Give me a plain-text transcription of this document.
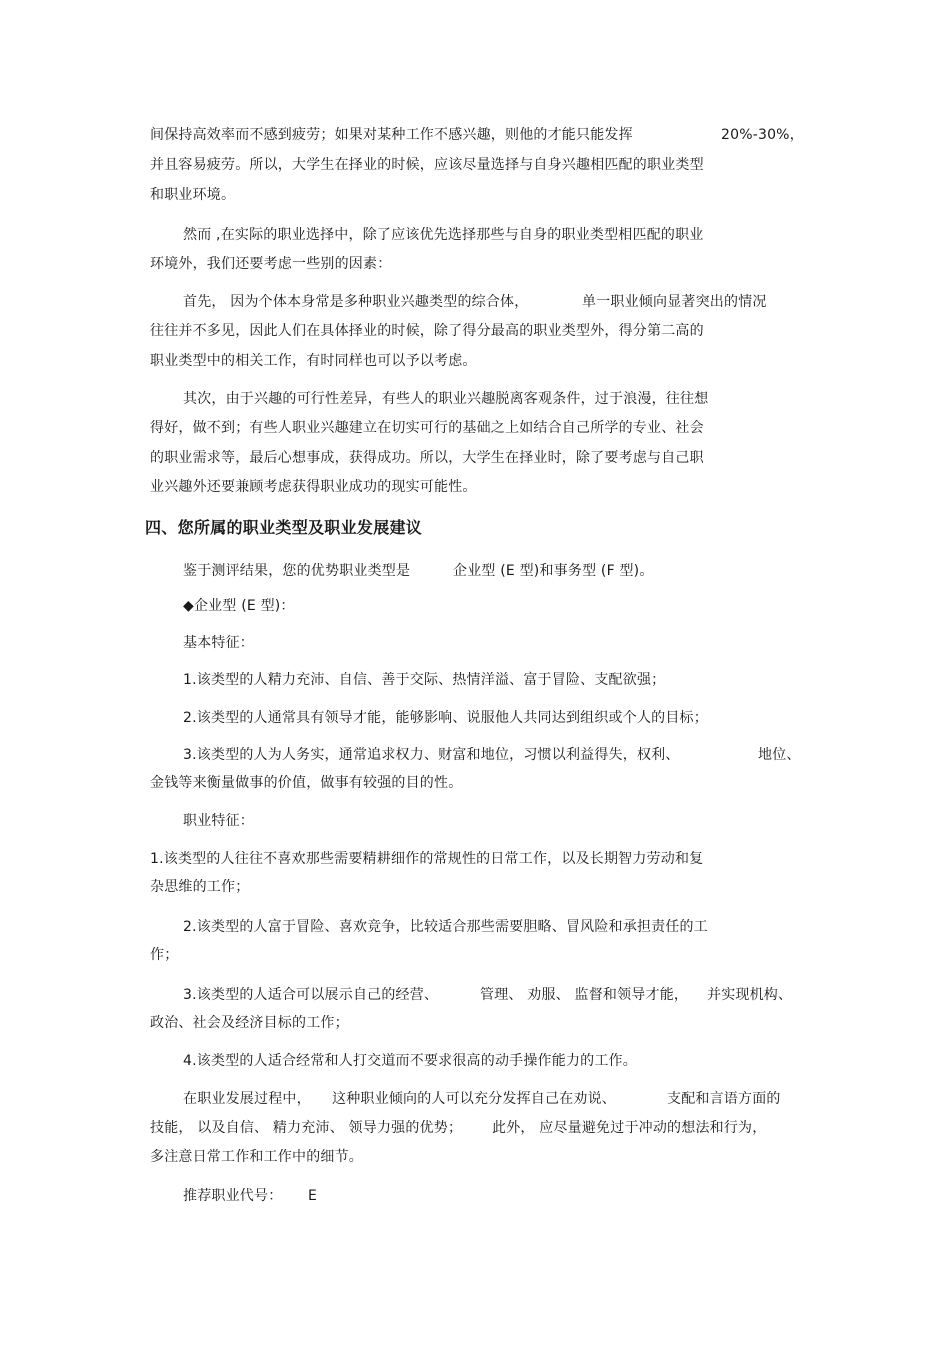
间保持高效率而不感到疲劳；如果对某种工作不感兴趣，则他的才能只能发挥	20%-30%，
并且容易疲劳。所以，大学生在择业的时候，应该尽量选择与自身兴趣相匹配的职业类型
和职业环境。
然而 ,在实际的职业选择中，除了应该优先选择那些与自身的职业类型相匹配的职业
环境外，我们还要考虑一些别的因素：
首先， 因为个体本身常是多种职业兴趣类型的综合体，	单一职业倾向显著突出的情况
往往并不多见，因此人们在具体择业的时候，除了得分最高的职业类型外，得分第二高的
职业类型中的相关工作，有时同样也可以予以考虑。
其次，由于兴趣的可行性差异，有些人的职业兴趣脱离客观条件，过于浪漫，往往想
得好，做不到；有些人职业兴趣建立在切实可行的基础之上如结合自己所学的专业、社会
的职业需求等，最后心想事成，获得成功。所以，大学生在择业时，除了要考虑与自己职
业兴趣外还要兼顾考虑获得职业成功的现实可能性。
四、您所属的职业类型及职业发展建议
鉴于测评结果，您的优势职业类型是	企业型 (E 型)和事务型 (F 型)。
◆企业型 (E 型)：
基本特征：
1.该类型的人精力充沛、自信、善于交际、热情洋溢、富于冒险、支配欲强；
2.该类型的人通常具有领导才能，能够影响、说服他人共同达到组织或个人的目标；
3.该类型的人为人务实，通常追求权力、财富和地位，习惯以利益得失，权利、	地位、
金钱等来衡量做事的价值，做事有较强的目的性。
职业特征：
1.该类型的人往往不喜欢那些需要精耕细作的常规性的日常工作，以及长期智力劳动和复
杂思维的工作；
2.该类型的人富于冒险、喜欢竞争，比较适合那些需要胆略、冒风险和承担责任的工
作；
3.该类型的人适合可以展示自己的经营、	管理、 劝服、 监督和领导才能， 并实现机构、
政治、社会及经济目标的工作；
4.该类型的人适合经常和人打交道而不要求很高的动手操作能力的工作。
在职业发展过程中， 这种职业倾向的人可以充分发挥自己在劝说、	支配和言语方面的
技能， 以及自信、 精力充沛、 领导力强的优势； 此外， 应尽量避免过于冲动的想法和行为，
多注意日常工作和工作中的细节。
推荐职业代号： E
